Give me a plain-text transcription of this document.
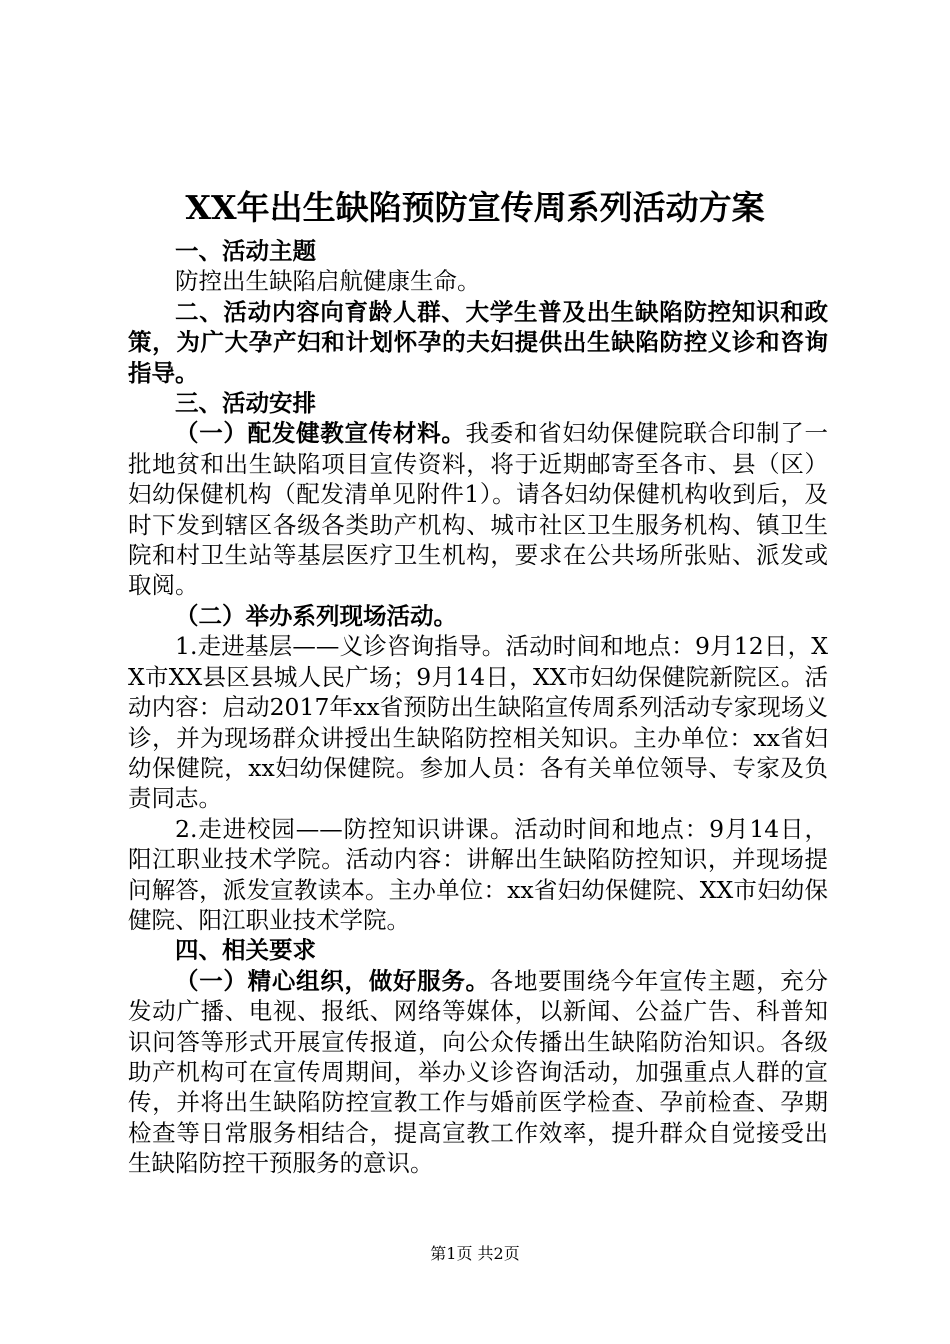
XX年出生缺陷预防宣传周系列活动方案

一、活动主题

防控出生缺陷启航健康生命。

二、活动内容向育龄人群、大学生普及出生缺陷防控知识和政策，为广大孕产妇和计划怀孕的夫妇提供出生缺陷防控义诊和咨询指导。

三、活动安排

（一）配发健教宣传材料。我委和省妇幼保健院联合印制了一批地贫和出生缺陷项目宣传资料，将于近期邮寄至各市、县（区）妇幼保健机构（配发清单见附件1）。请各妇幼保健机构收到后，及时下发到辖区各级各类助产机构、城市社区卫生服务机构、镇卫生院和村卫生站等基层医疗卫生机构，要求在公共场所张贴、派发或取阅。

（二）举办系列现场活动。

1.走进基层——义诊咨询指导。活动时间和地点：9月12日，XX市XX县区县城人民广场；9月14日，XX市妇幼保健院新院区。活动内容：启动2017年xx省预防出生缺陷宣传周系列活动专家现场义诊，并为现场群众讲授出生缺陷防控相关知识。主办单位：xx省妇幼保健院，xx妇幼保健院。参加人员：各有关单位领导、专家及负责同志。

2.走进校园——防控知识讲课。活动时间和地点：9月14日，阳江职业技术学院。活动内容：讲解出生缺陷防控知识，并现场提问解答，派发宣教读本。主办单位：xx省妇幼保健院、XX市妇幼保健院、阳江职业技术学院。

四、相关要求

（一）精心组织，做好服务。各地要围绕今年宣传主题，充分发动广播、电视、报纸、网络等媒体，以新闻、公益广告、科普知识问答等形式开展宣传报道，向公众传播出生缺陷防治知识。各级助产机构可在宣传周期间，举办义诊咨询活动，加强重点人群的宣传，并将出生缺陷防控宣教工作与婚前医学检查、孕前检查、孕期检查等日常服务相结合，提高宣教工作效率，提升群众自觉接受出生缺陷防控干预服务的意识。

第1页 共2页
